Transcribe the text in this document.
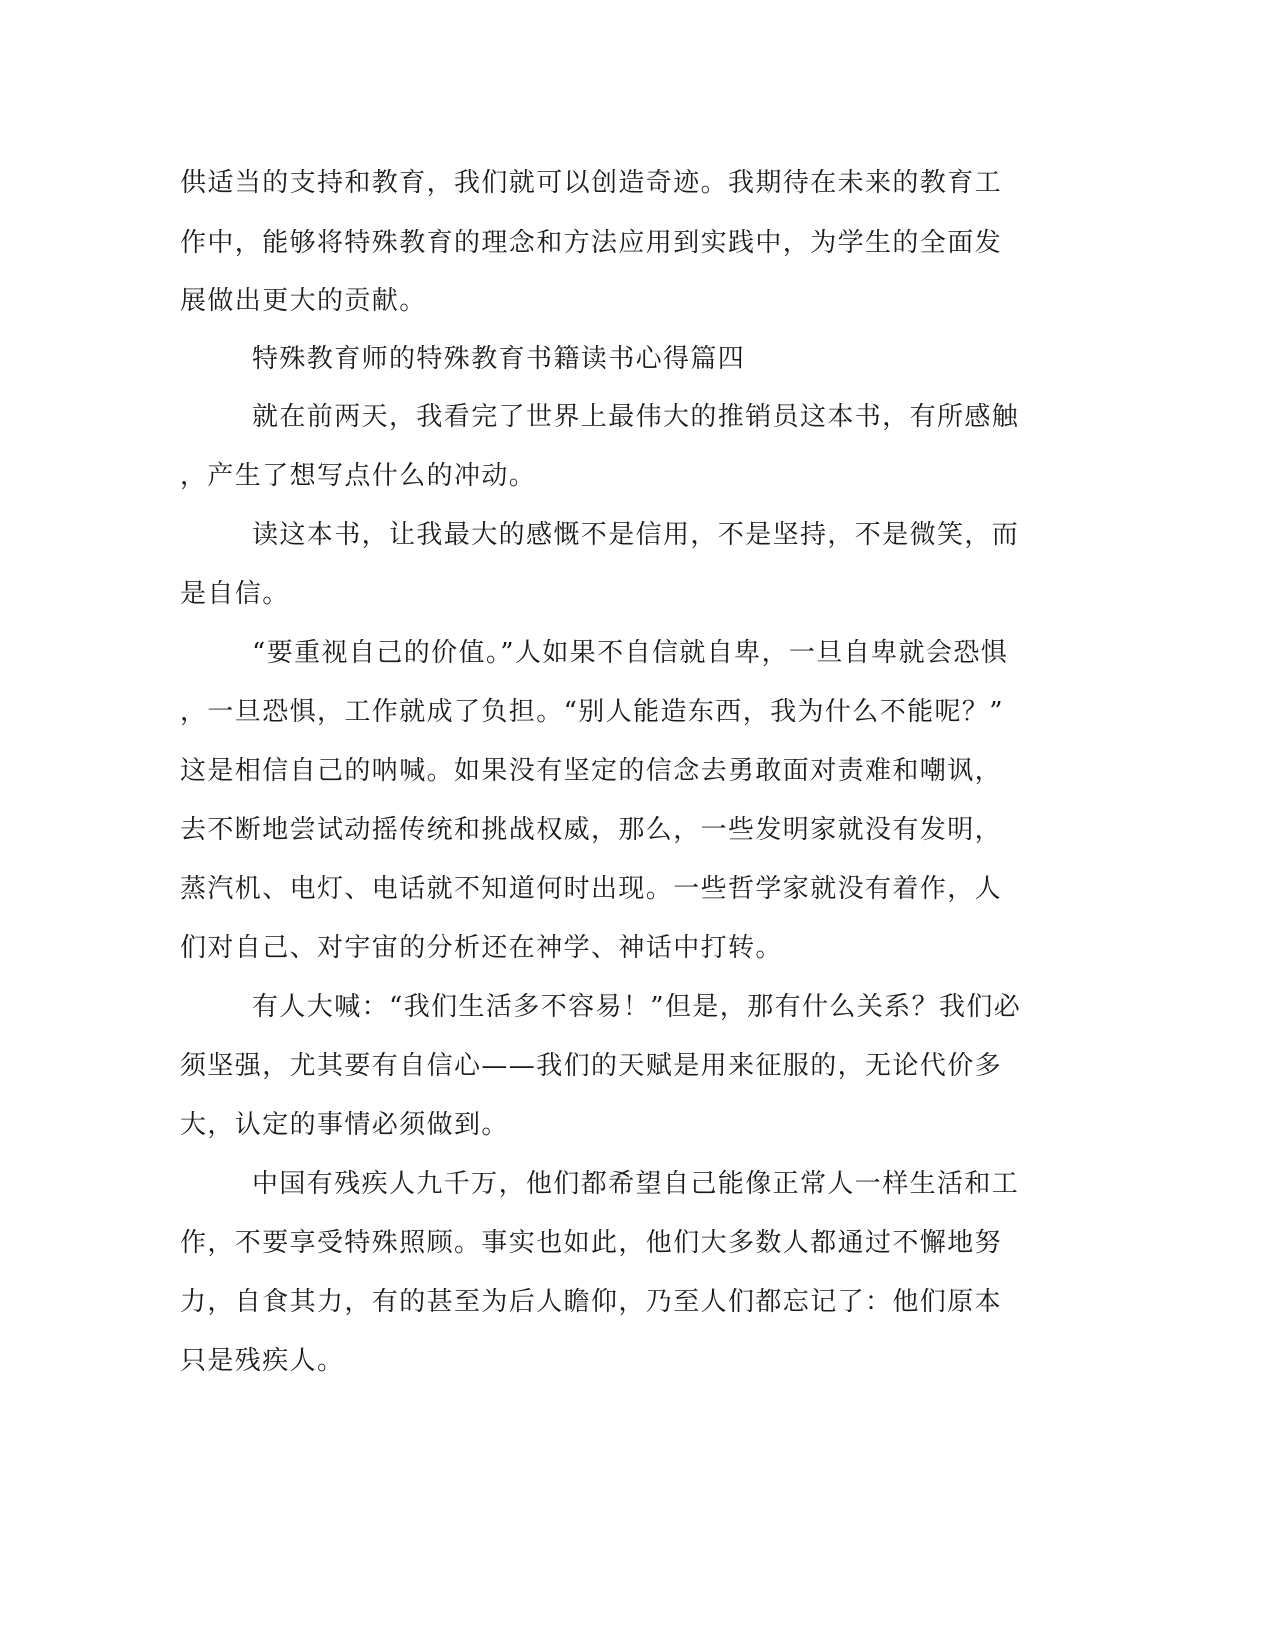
供适当的支持和教育，我们就可以创造奇迹。我期待在未来的教育工
作中，能够将特殊教育的理念和方法应用到实践中，为学生的全面发
展做出更大的贡献。
特殊教育师的特殊教育书籍读书心得篇四
就在前两天，我看完了世界上最伟大的推销员这本书，有所感触
，产生了想写点什么的冲动。
读这本书，让我最大的感慨不是信用，不是坚持，不是微笑，而
是自信。
“要重视自己的价值。”人如果不自信就自卑，一旦自卑就会恐惧
，一旦恐惧，工作就成了负担。“别人能造东西，我为什么不能呢？”
这是相信自己的呐喊。如果没有坚定的信念去勇敢面对责难和嘲讽，
去不断地尝试动摇传统和挑战权威，那么，一些发明家就没有发明，
蒸汽机、电灯、电话就不知道何时出现。一些哲学家就没有着作，人
们对自己、对宇宙的分析还在神学、神话中打转。
有人大喊：“我们生活多不容易！”但是，那有什么关系？我们必
须坚强，尤其要有自信心——我们的天赋是用来征服的，无论代价多
大，认定的事情必须做到。
中国有残疾人九千万，他们都希望自己能像正常人一样生活和工
作，不要享受特殊照顾。事实也如此，他们大多数人都通过不懈地努
力，自食其力，有的甚至为后人瞻仰，乃至人们都忘记了：他们原本
只是残疾人。
